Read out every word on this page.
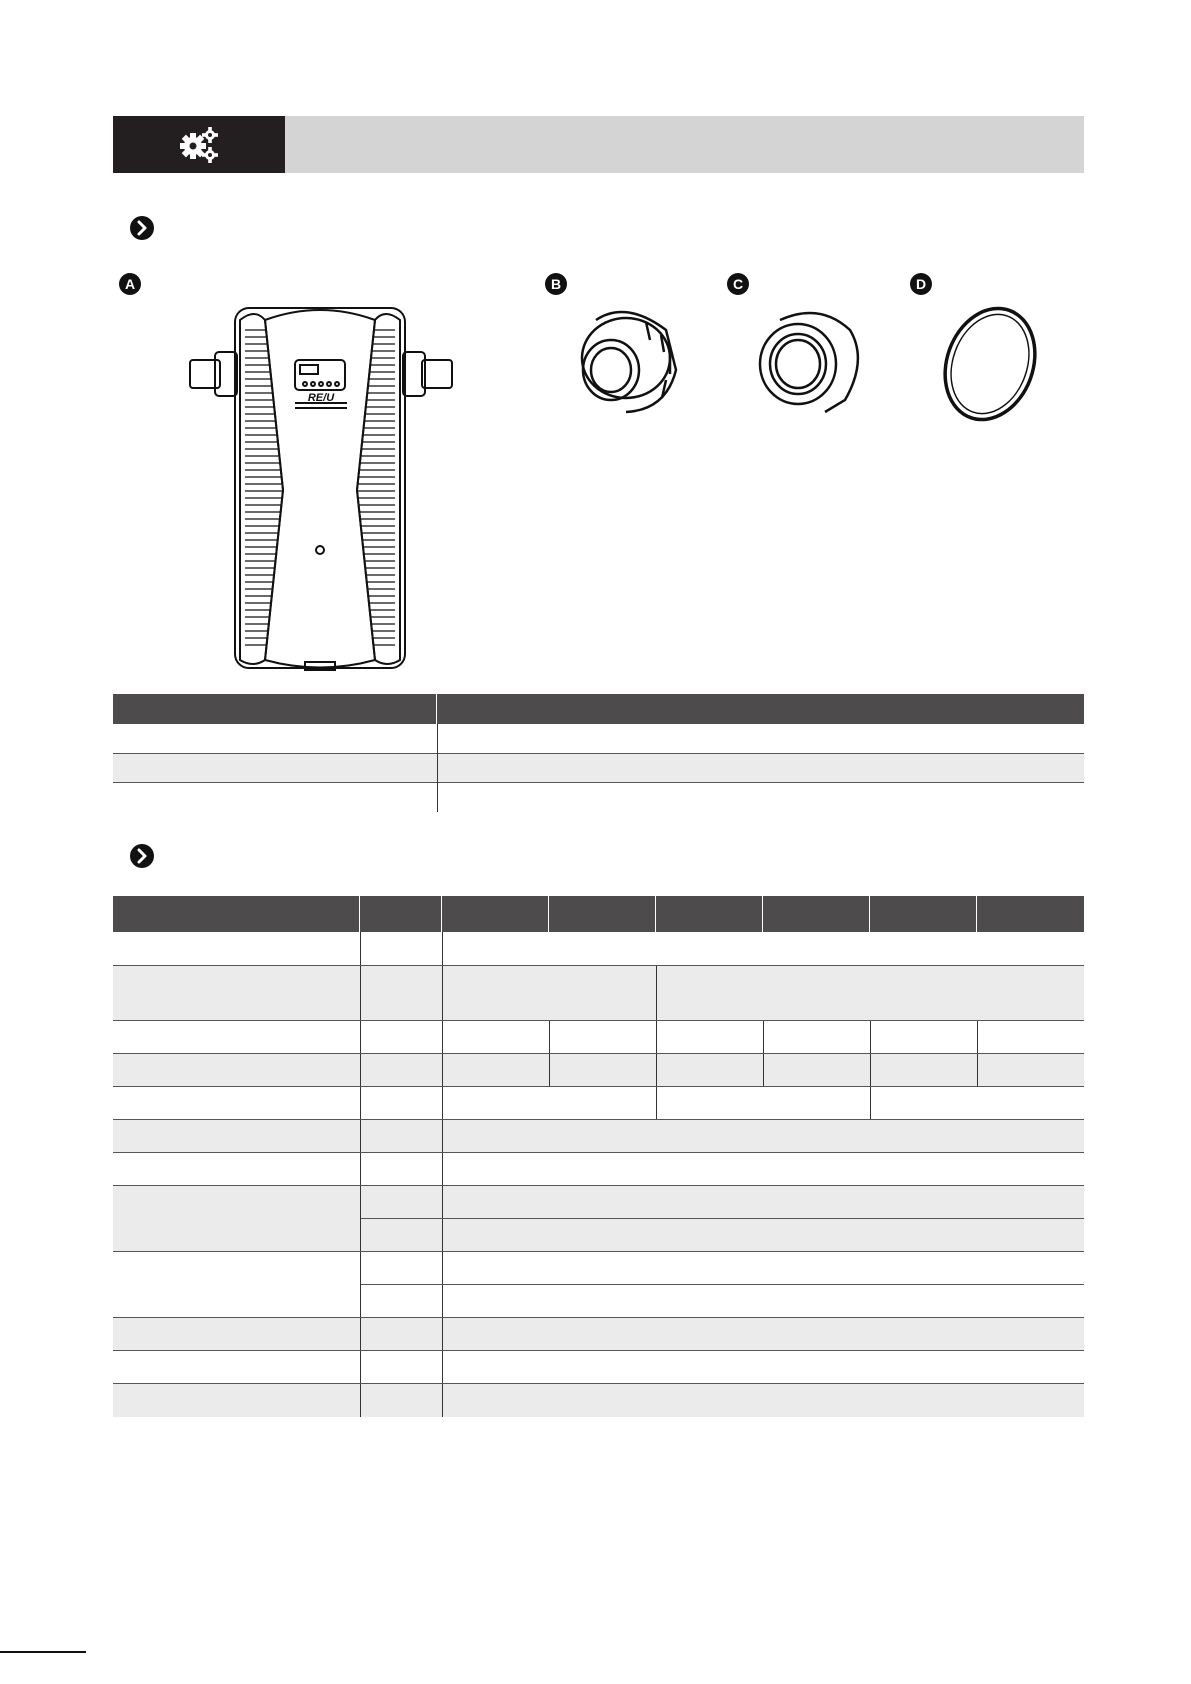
A	B	C	D
RE/U
